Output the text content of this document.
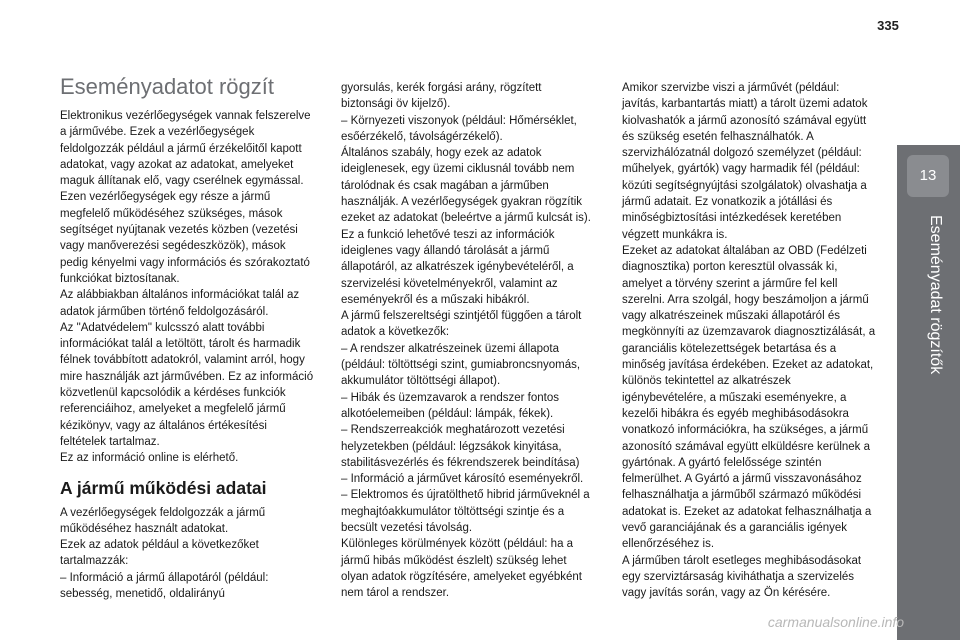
335
13
Eseményadat rögzítők
Eseményadatot rögzít

Elektronikus vezérlőegységek vannak felszerelve a járművébe. Ezek a vezérlőegységek feldolgozzák például a jármű érzékelőitől kapott adatokat, vagy azokat az adatokat, amelyeket maguk állítanak elő, vagy cserélnek egymással. Ezen vezérlőegységek egy része a jármű megfelelő működéséhez szükséges, mások segítséget nyújtanak vezetés közben (vezetési vagy manőverezési segédeszközök), mások pedig kényelmi vagy információs és szórakoztató funkciókat biztosítanak.

Az alábbiakban általános információkat talál az adatok járműben történő feldolgozásáról.

Az "Adatvédelem" kulcsszó alatt további információkat talál a letöltött, tárolt és harmadik félnek továbbított adatokról, valamint arról, hogy mire használják azt járművében. Ez az információ közvetlenül kapcsolódik a kérdéses funkciók referenciáihoz, amelyeket a megfelelő jármű kézikönyv, vagy az általános értékesítési feltételek tartalmaz.

Ez az információ online is elérhető.

A jármű működési adatai

A vezérlőegységek feldolgozzák a jármű működéséhez használt adatokat.

Ezek az adatok például a következőket tartalmazzák:

– Információ a jármű állapotáról (például: sebesség, menetidő, oldalirányú

gyorsulás, kerék forgási arány, rögzített biztonsági öv kijelző).

– Környezeti viszonyok (például: Hőmérséklet, esőérzékelő, távolságérzékelő).

Általános szabály, hogy ezek az adatok ideiglenesek, egy üzemi ciklusnál tovább nem tárolódnak és csak magában a járműben használják. A vezérlőegységek gyakran rögzítik ezeket az adatokat (beleértve a jármű kulcsát is). Ez a funkció lehetővé teszi az információk ideiglenes vagy állandó tárolását a jármű állapotáról, az alkatrészek igénybevételéről, a szervizelési követelményekről, valamint az eseményekről és a műszaki hibákról.

A jármű felszereltségi szintjétől függően a tárolt adatok a következők:

– A rendszer alkatrészeinek üzemi állapota (például: töltöttségi szint, gumiabroncsnyomás, akkumulátor töltöttségi állapot).

– Hibák és üzemzavarok a rendszer fontos alkotóelemeiben (például: lámpák, fékek).

– Rendszerreakciók meghatározott vezetési helyzetekben (például: légzsákok kinyitása, stabilitásvezérlés és fékrendszerek beindítása)

– Információ a járművet károsító eseményekről.

– Elektromos és újratölthető hibrid járműveknél a meghajtóakkumulátor töltöttségi szintje és a becsült vezetési távolság.

Különleges körülmények között (például: ha a jármű hibás működést észlelt) szükség lehet olyan adatok rögzítésére, amelyeket egyébként nem tárol a rendszer.

Amikor szervizbe viszi a járművét (például: javítás, karbantartás miatt) a tárolt üzemi adatok kiolvashatók a jármű azonosító számával együtt és szükség esetén felhasználhatók. A szervizhálózatnál dolgozó személyzet (például: műhelyek, gyártók) vagy harmadik fél (például: közúti segítségnyújtási szolgálatok) olvashatja a jármű adatait. Ez vonatkozik a jótállási és minőségbiztosítási intézkedések keretében végzett munkákra is.

Ezeket az adatokat általában az OBD (Fedélzeti diagnosztika) porton keresztül olvassák ki, amelyet a törvény szerint a járműre fel kell szerelni. Arra szolgál, hogy beszámoljon a jármű vagy alkatrészeinek műszaki állapotáról és megkönnyíti az üzemzavarok diagnosztizálását, a garanciális kötelezettségek betartása és a minőség javítása érdekében. Ezeket az adatokat, különös tekintettel az alkatrészek igénybevételére, a műszaki eseményekre, a kezelői hibákra és egyéb meghibásodásokra vonatkozó információkra, ha szükséges, a jármű azonosító számával együtt elküldésre kerülnek a gyártónak. A gyártó felelőssége szintén felmerülhet. A Gyártó a jármű visszavonásához felhasználhatja a járműből származó működési adatokat is. Ezeket az adatokat felhasználhatja a vevő garanciájának és a garanciális igények ellenőrzéséhez is.

A járműben tárolt esetleges meghibásodásokat egy szerviztársaság kiviháthatja a szervizelés vagy javítás során, vagy az Ön kérésére.

carmanualsonline.info
